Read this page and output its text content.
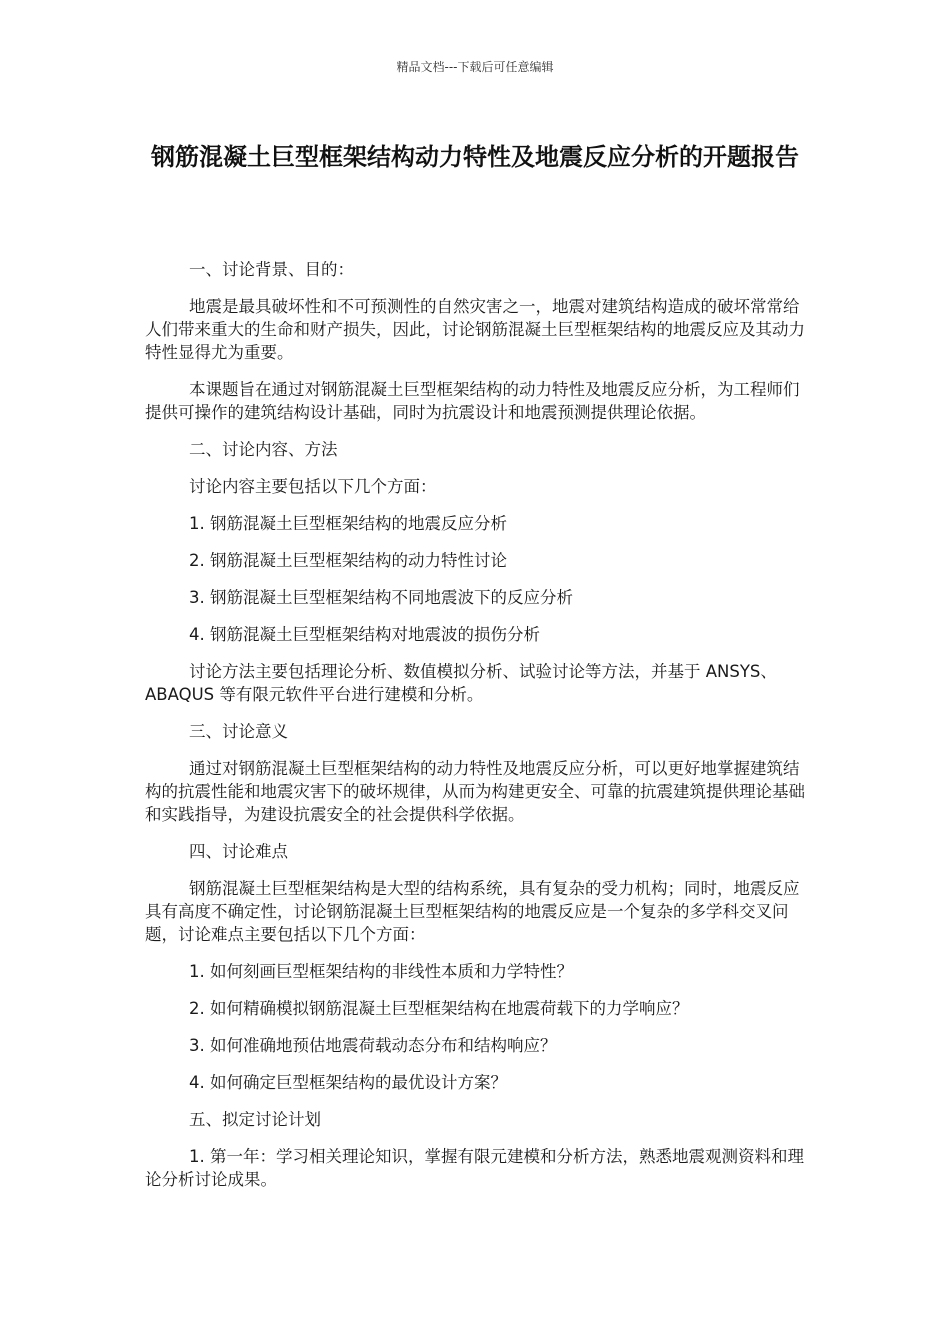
精品文档---下载后可任意编辑
钢筋混凝土巨型框架结构动力特性及地震反应分析的开题报告

一、讨论背景、目的：

地震是最具破坏性和不可预测性的自然灾害之一，地震对建筑结构造成的破坏常常给人们带来重大的生命和财产损失，因此，讨论钢筋混凝土巨型框架结构的地震反应及其动力特性显得尤为重要。

本课题旨在通过对钢筋混凝土巨型框架结构的动力特性及地震反应分析，为工程师们提供可操作的建筑结构设计基础，同时为抗震设计和地震预测提供理论依据。

二、讨论内容、方法

讨论内容主要包括以下几个方面：

1. 钢筋混凝土巨型框架结构的地震反应分析

2. 钢筋混凝土巨型框架结构的动力特性讨论

3. 钢筋混凝土巨型框架结构不同地震波下的反应分析

4. 钢筋混凝土巨型框架结构对地震波的损伤分析

讨论方法主要包括理论分析、数值模拟分析、试验讨论等方法，并基于 ANSYS、ABAQUS 等有限元软件平台进行建模和分析。

三、讨论意义

通过对钢筋混凝土巨型框架结构的动力特性及地震反应分析，可以更好地掌握建筑结构的抗震性能和地震灾害下的破坏规律，从而为构建更安全、可靠的抗震建筑提供理论基础和实践指导，为建设抗震安全的社会提供科学依据。

四、讨论难点

钢筋混凝土巨型框架结构是大型的结构系统，具有复杂的受力机构；同时，地震反应具有高度不确定性，讨论钢筋混凝土巨型框架结构的地震反应是一个复杂的多学科交叉问题，讨论难点主要包括以下几个方面：

1. 如何刻画巨型框架结构的非线性本质和力学特性？

2. 如何精确模拟钢筋混凝土巨型框架结构在地震荷载下的力学响应？

3. 如何准确地预估地震荷载动态分布和结构响应？

4. 如何确定巨型框架结构的最优设计方案？

五、拟定讨论计划

1. 第一年：学习相关理论知识，掌握有限元建模和分析方法，熟悉地震观测资料和理论分析讨论成果。
